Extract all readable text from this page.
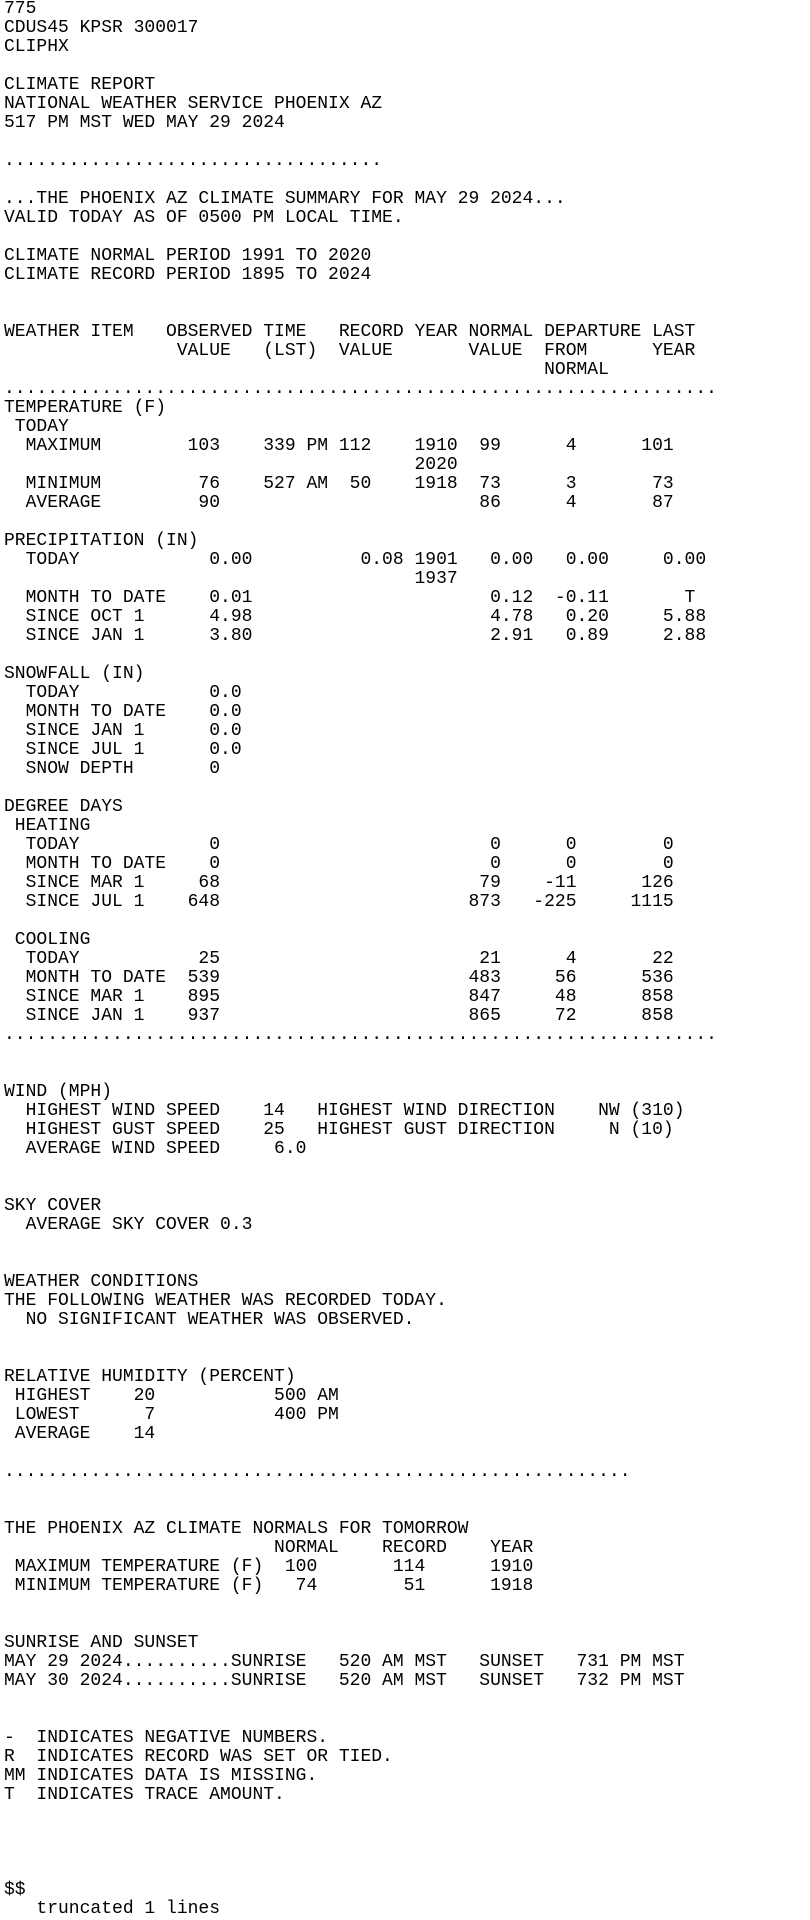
775
CDUS45 KPSR 300017
CLIPHX
CLIMATE REPORT
NATIONAL WEATHER SERVICE PHOENIX AZ
517 PM MST WED MAY 29 2024
...................................
...THE PHOENIX AZ CLIMATE SUMMARY FOR MAY 29 2024...
VALID TODAY AS OF 0500 PM LOCAL TIME.
CLIMATE NORMAL PERIOD 1991 TO 2020
CLIMATE RECORD PERIOD 1895 TO 2024
WEATHER ITEM   OBSERVED TIME   RECORD YEAR NORMAL DEPARTURE LAST
VALUE   (LST)  VALUE       VALUE  FROM      YEAR
NORMAL
..................................................................
TEMPERATURE (F)
TODAY
MAXIMUM        103    339 PM 112    1910  99      4      101
2020
MINIMUM         76    527 AM  50    1918  73      3       73
AVERAGE         90                        86      4       87
PRECIPITATION (IN)
TODAY            0.00          0.08 1901   0.00   0.00     0.00
1937
MONTH TO DATE    0.01                      0.12  -0.11       T
SINCE OCT 1      4.98                      4.78   0.20     5.88
SINCE JAN 1      3.80                      2.91   0.89     2.88
SNOWFALL (IN)
TODAY            0.0
MONTH TO DATE    0.0
SINCE JAN 1      0.0
SINCE JUL 1      0.0
SNOW DEPTH       0
DEGREE DAYS
HEATING
TODAY            0                         0      0        0
MONTH TO DATE    0                         0      0        0
SINCE MAR 1     68                        79    -11      126
SINCE JUL 1    648                       873   -225     1115
COOLING
TODAY           25                        21      4       22
MONTH TO DATE  539                       483     56      536
SINCE MAR 1    895                       847     48      858
SINCE JAN 1    937                       865     72      858
..................................................................
WIND (MPH)
HIGHEST WIND SPEED    14   HIGHEST WIND DIRECTION    NW (310)
HIGHEST GUST SPEED    25   HIGHEST GUST DIRECTION     N (10)
AVERAGE WIND SPEED     6.0
SKY COVER
AVERAGE SKY COVER 0.3
WEATHER CONDITIONS
THE FOLLOWING WEATHER WAS RECORDED TODAY.
NO SIGNIFICANT WEATHER WAS OBSERVED.
RELATIVE HUMIDITY (PERCENT)
HIGHEST    20           500 AM
LOWEST      7           400 PM
AVERAGE    14
..........................................................
THE PHOENIX AZ CLIMATE NORMALS FOR TOMORROW
NORMAL    RECORD    YEAR
MAXIMUM TEMPERATURE (F)  100       114      1910
MINIMUM TEMPERATURE (F)   74        51      1918
SUNRISE AND SUNSET
MAY 29 2024..........SUNRISE   520 AM MST   SUNSET   731 PM MST
MAY 30 2024..........SUNRISE   520 AM MST   SUNSET   732 PM MST
-  INDICATES NEGATIVE NUMBERS.
R  INDICATES RECORD WAS SET OR TIED.
MM INDICATES DATA IS MISSING.
T  INDICATES TRACE AMOUNT.
$$
truncated 1 lines
